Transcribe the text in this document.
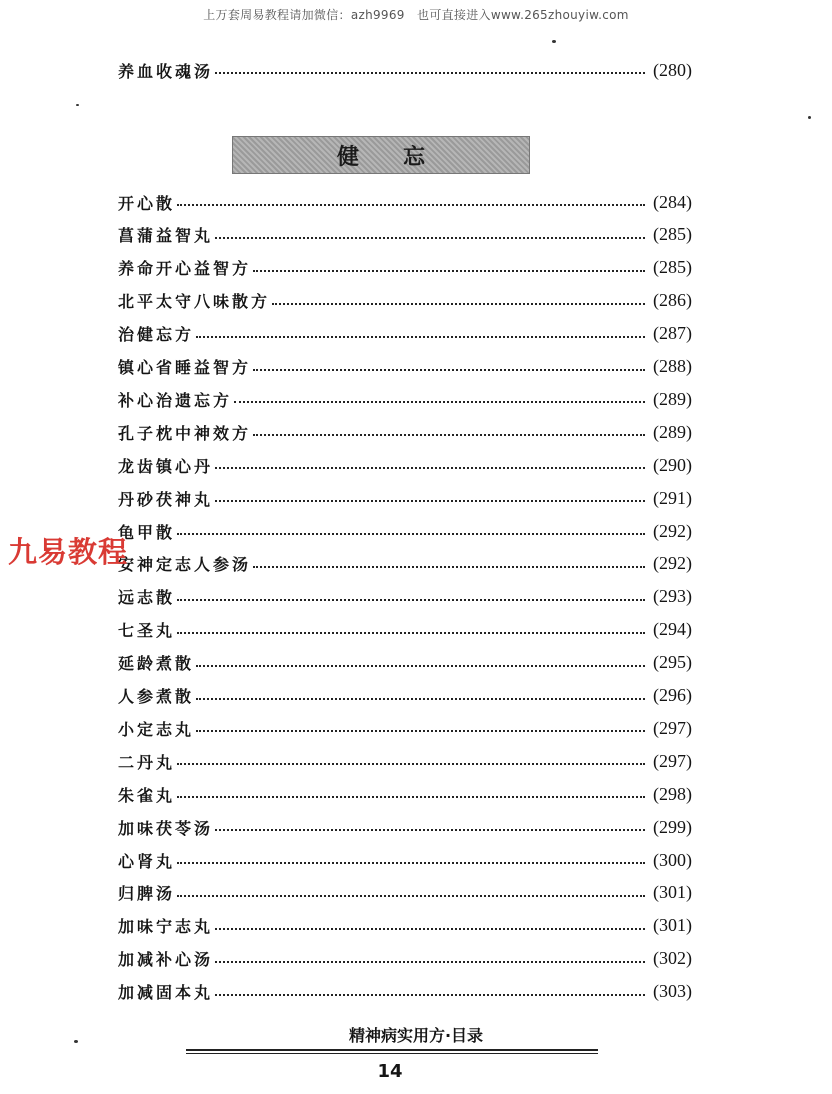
上万套周易教程请加微信：azh9969　也可直接进入www.265zhouyiw.com
养血收魂汤	(280)
健忘
开心散	(284)
菖蒲益智丸	(285)
养命开心益智方	(285)
北平太守八味散方	(286)
治健忘方	(287)
镇心省睡益智方	(288)
补心治遗忘方	(289)
孔子枕中神效方	(289)
龙齿镇心丹	(290)
丹砂茯神丸	(291)
龟甲散	(292)
安神定志人参汤	(292)
远志散	(293)
七圣丸	(294)
延龄煮散	(295)
人参煮散	(296)
小定志丸	(297)
二丹丸	(297)
朱雀丸	(298)
加味茯苓汤	(299)
心肾丸	(300)
归脾汤	(301)
加味宁志丸	(301)
加减补心汤	(302)
加减固本丸	(303)
九易教程
精神病实用方·目录
14
